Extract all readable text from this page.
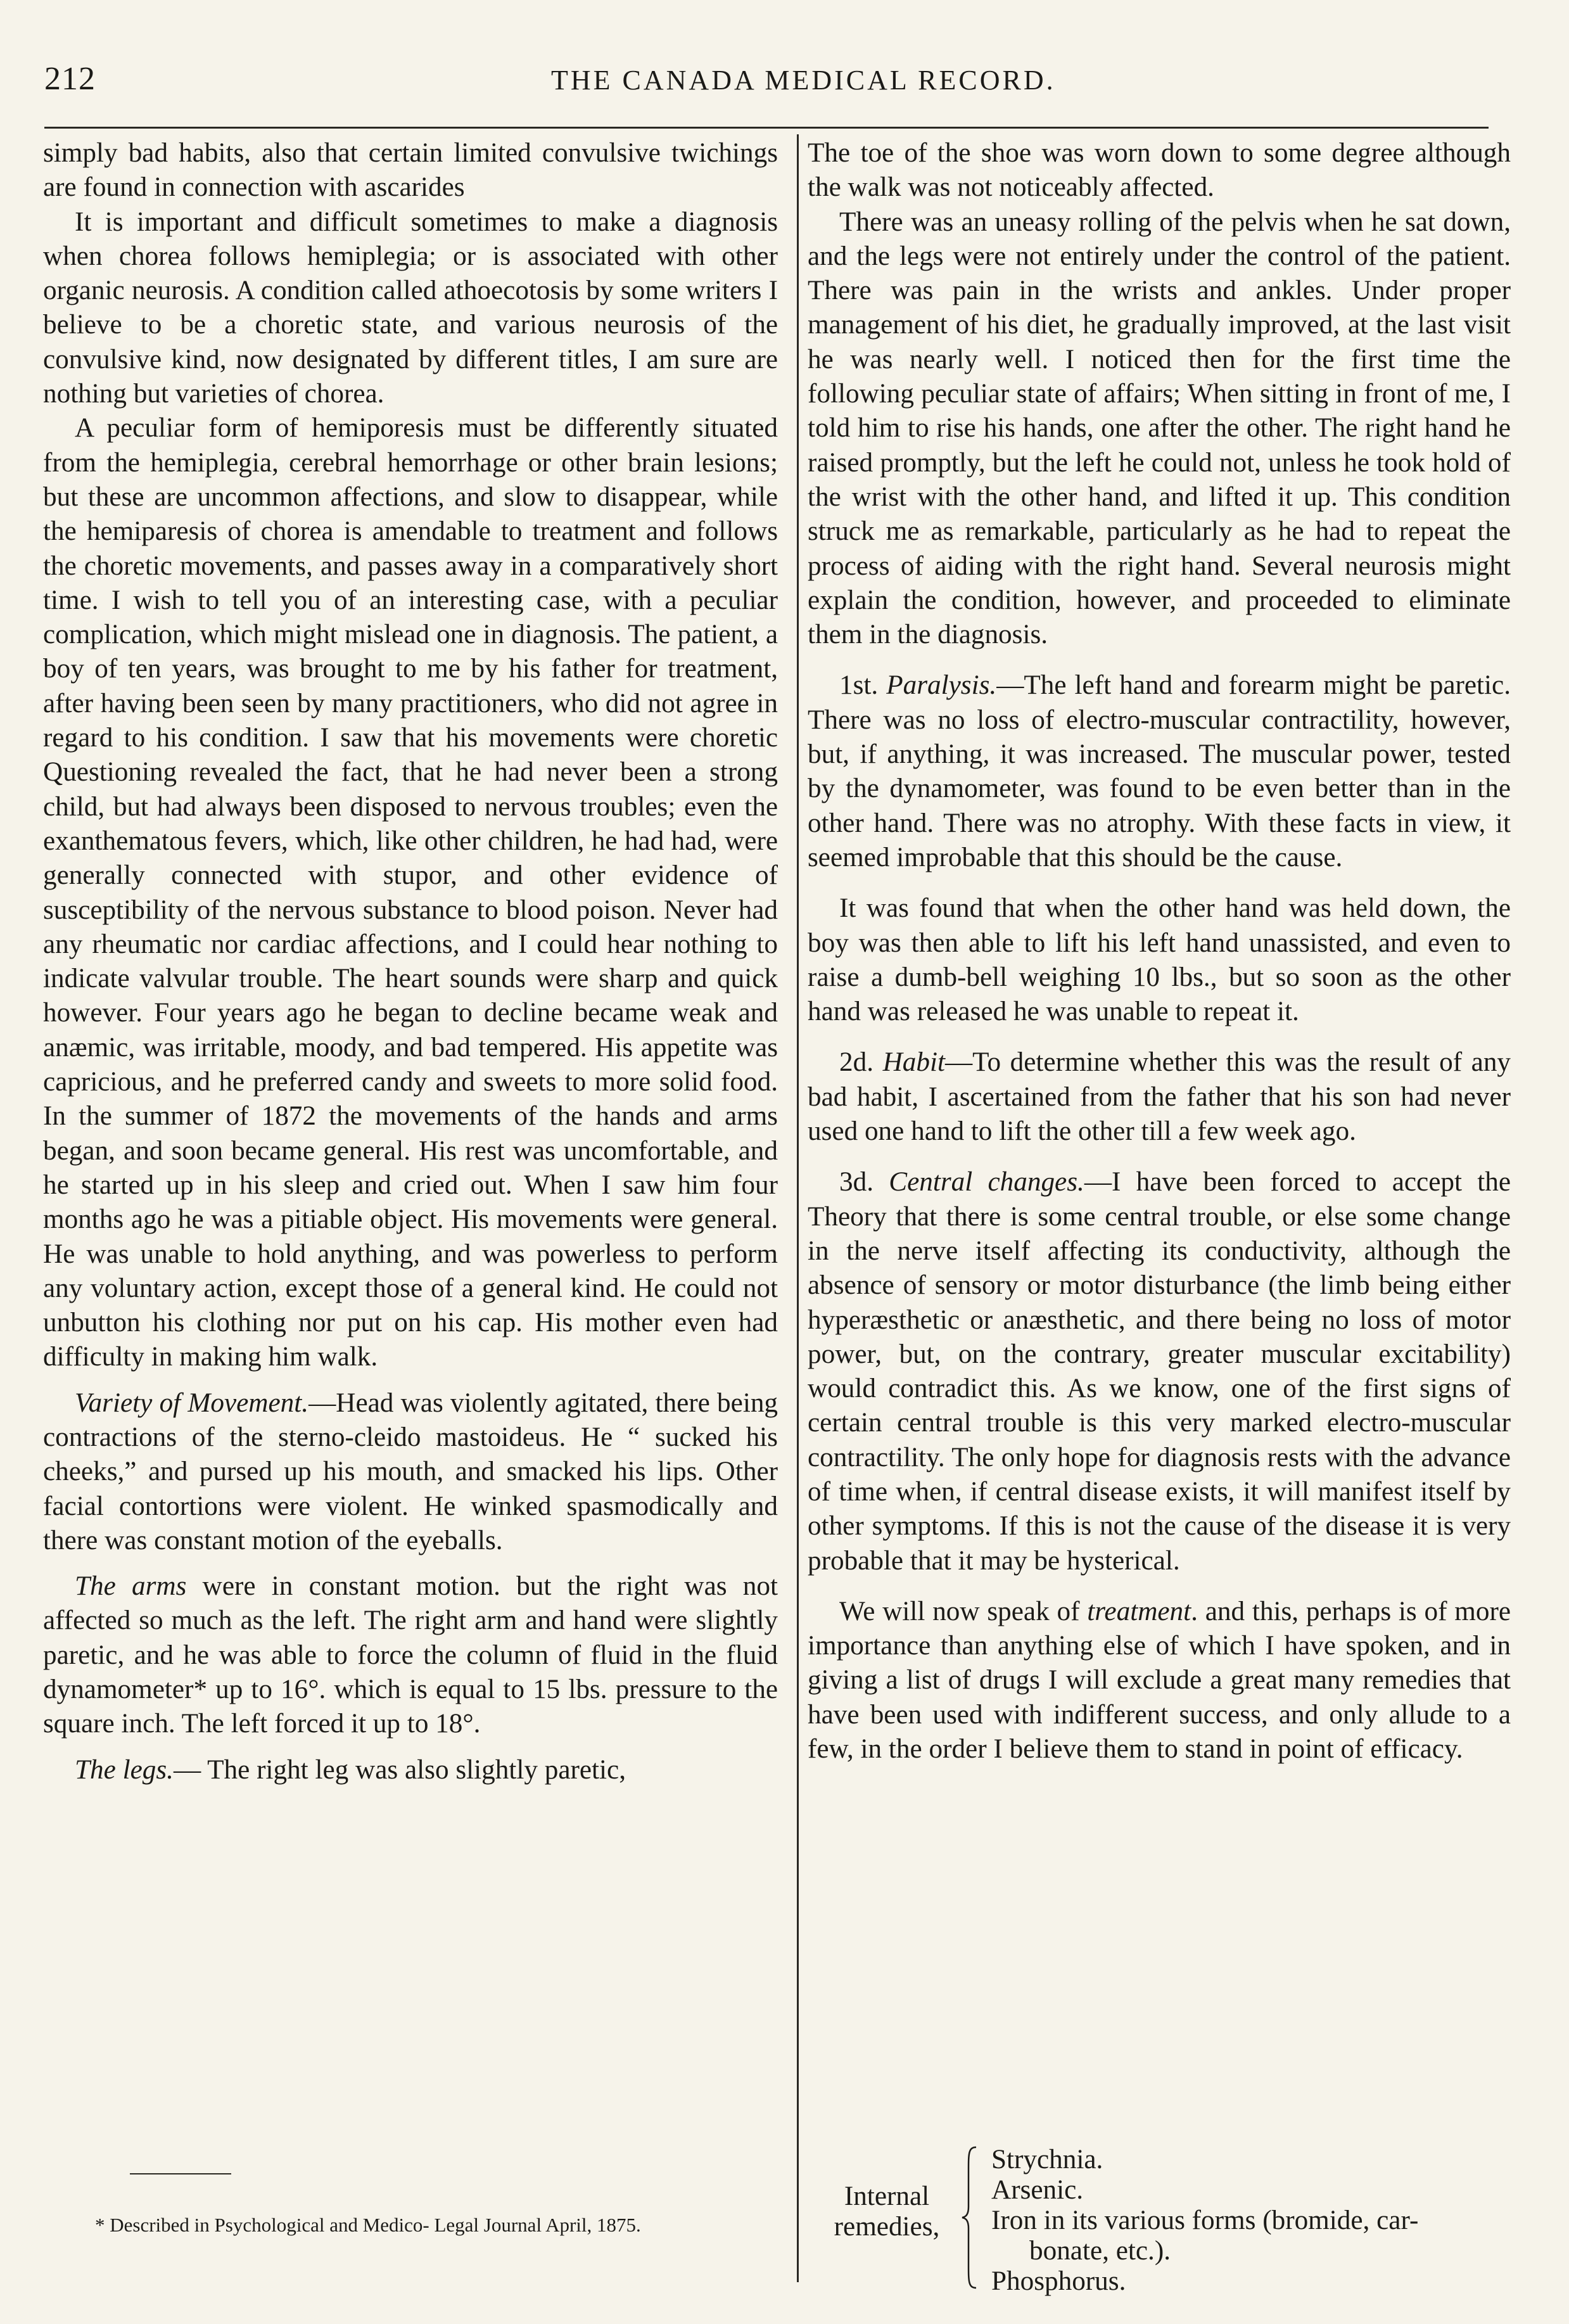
212	THE CANADA MEDICAL RECORD.

simply bad habits, also that certain limited convulsive twichings are found in connection with ascarides

It is important and difficult sometimes to make a diagnosis when chorea follows hemiplegia; or is associated with other organic neurosis. A condition called athoecotosis by some writers I believe to be a choretic state, and various neurosis of the convulsive kind, now designated by different titles, I am sure are nothing but varieties of chorea.

A peculiar form of hemiporesis must be differently situated from the hemiplegia, cerebral hemorrhage or other brain lesions; but these are uncommon affections, and slow to disappear, while the hemiparesis of chorea is amendable to treatment and follows the choretic movements, and passes away in a comparatively short time. I wish to tell you of an interesting case, with a peculiar complication, which might mislead one in diagnosis. The patient, a boy of ten years, was brought to me by his father for treatment, after having been seen by many practitioners, who did not agree in regard to his condition. I saw that his movements were choretic Questioning revealed the fact, that he had never been a strong child, but had always been disposed to nervous troubles; even the exanthematous fevers, which, like other children, he had had, were generally connected with stupor, and other evidence of susceptibility of the nervous substance to blood poison. Never had any rheumatic nor cardiac affections, and I could hear nothing to indicate valvular trouble. The heart sounds were sharp and quick however. Four years ago he began to decline became weak and anæmic, was irritable, moody, and bad tempered. His appetite was capricious, and he preferred candy and sweets to more solid food. In the summer of 1872 the movements of the hands and arms began, and soon became general. His rest was uncomfortable, and he started up in his sleep and cried out. When I saw him four months ago he was a pitiable object. His movements were general. He was unable to hold anything, and was powerless to perform any voluntary action, except those of a general kind. He could not unbutton his clothing nor put on his cap. His mother even had difficulty in making him walk.

Variety of Movement.—Head was violently agitated, there being contractions of the sterno-cleido mastoideus. He “ sucked his cheeks,” and pursed up his mouth, and smacked his lips. Other facial contortions were violent. He winked spasmodically and there was constant motion of the eyeballs.

The arms were in constant motion. but the right was not affected so much as the left. The right arm and hand were slightly paretic, and he was able to force the column of fluid in the fluid dynamometer* up to 16°. which is equal to 15 lbs. pressure to the square inch. The left forced it up to 18°.

The legs.— The right leg was also slightly paretic,

* Described in Psychological and Medico- Legal Journal April, 1875.

The toe of the shoe was worn down to some degree although the walk was not noticeably affected.

There was an uneasy rolling of the pelvis when he sat down, and the legs were not entirely under the control of the patient. There was pain in the wrists and ankles. Under proper management of his diet, he gradually improved, at the last visit he was nearly well. I noticed then for the first time the following peculiar state of affairs; When sitting in front of me, I told him to rise his hands, one after the other. The right hand he raised promptly, but the left he could not, unless he took hold of the wrist with the other hand, and lifted it up. This condition struck me as remarkable, particularly as he had to repeat the process of aiding with the right hand. Several neurosis might explain the condition, however, and proceeded to eliminate them in the diagnosis.

1st. Paralysis.—The left hand and forearm might be paretic. There was no loss of electro-muscular contractility, however, but, if anything, it was increased. The muscular power, tested by the dynamometer, was found to be even better than in the other hand. There was no atrophy. With these facts in view, it seemed improbable that this should be the cause.

It was found that when the other hand was held down, the boy was then able to lift his left hand unassisted, and even to raise a dumb-bell weighing 10 lbs., but so soon as the other hand was released he was unable to repeat it.

2d. Habit—To determine whether this was the result of any bad habit, I ascertained from the father that his son had never used one hand to lift the other till a few week ago.

3d. Central changes.—I have been forced to accept the Theory that there is some central trouble, or else some change in the nerve itself affecting its conductivity, although the absence of sensory or motor disturbance (the limb being either hyperæsthetic or anæsthetic, and there being no loss of motor power, but, on the contrary, greater muscular excitability) would contradict this. As we know, one of the first signs of certain central trouble is this very marked electro-muscular contractility. The only hope for diagnosis rests with the advance of time when, if central disease exists, it will manifest itself by other symptoms. If this is not the cause of the disease it is very probable that it may be hysterical.

We will now speak of treatment. and this, perhaps is of more importance than anything else of which I have spoken, and in giving a list of drugs I will exclude a great many remedies that have been used with indifferent success, and only allude to a few, in the order I believe them to stand in point of efficacy.

Internal
remedies,
Strychnia.
Arsenic.
Iron in its various forms (bromide, car-
bonate, etc.).
Phosphorus.
